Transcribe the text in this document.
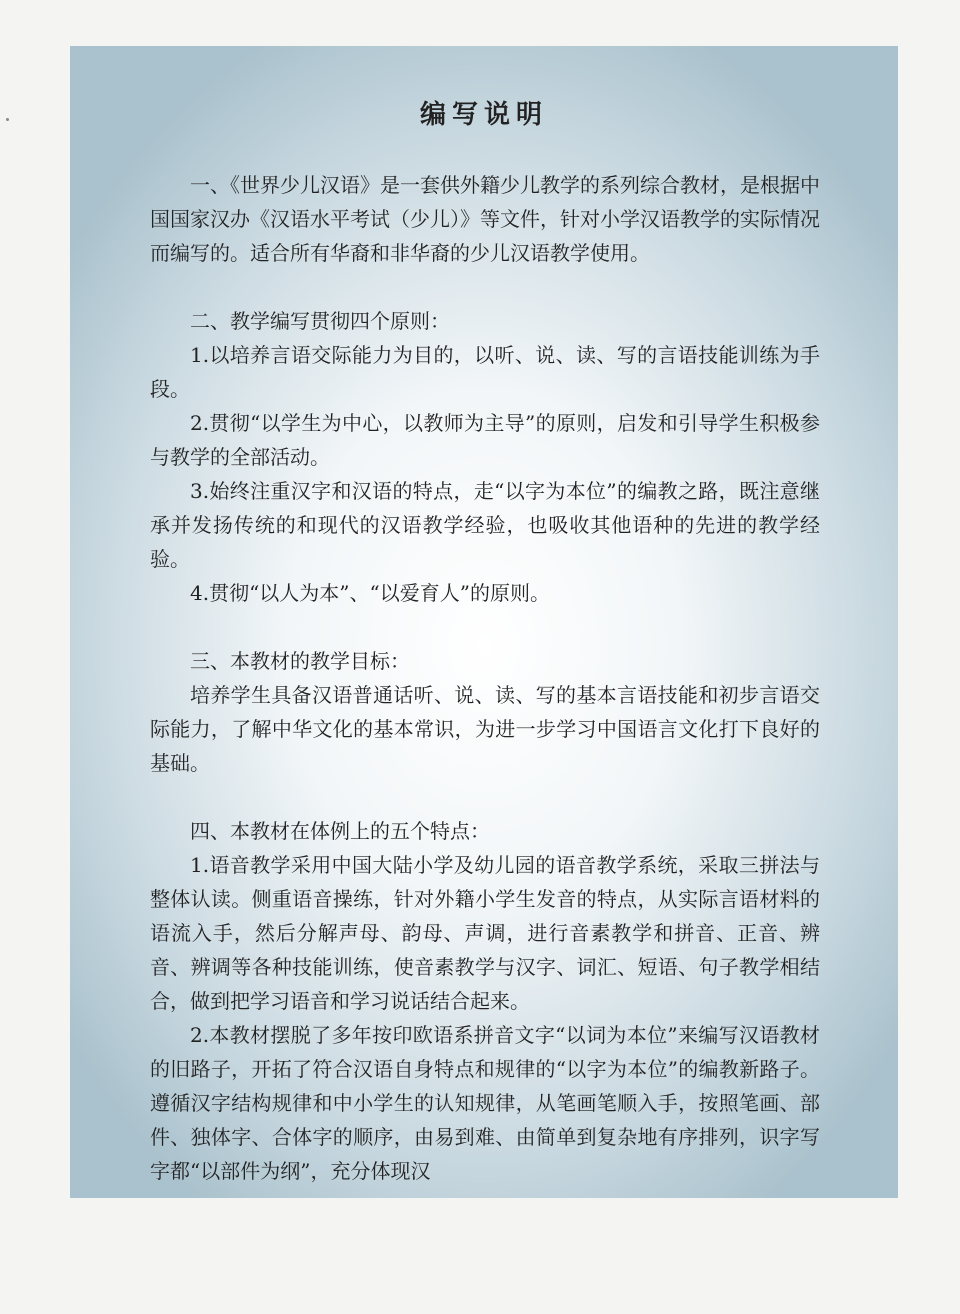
编写说明

一、《世界少儿汉语》是一套供外籍少儿教学的系列综合教材，是根据中国国家汉办《汉语水平考试（少儿）》等文件，针对小学汉语教学的实际情况而编写的。适合所有华裔和非华裔的少儿汉语教学使用。

二、教学编写贯彻四个原则：

1.以培养言语交际能力为目的，以听、说、读、写的言语技能训练为手段。

2.贯彻“以学生为中心，以教师为主导”的原则，启发和引导学生积极参与教学的全部活动。

3.始终注重汉字和汉语的特点，走“以字为本位”的编教之路，既注意继承并发扬传统的和现代的汉语教学经验，也吸收其他语种的先进的教学经验。

4.贯彻“以人为本”、“以爱育人”的原则。

三、本教材的教学目标：

培养学生具备汉语普通话听、说、读、写的基本言语技能和初步言语交际能力，了解中华文化的基本常识，为进一步学习中国语言文化打下良好的基础。

四、本教材在体例上的五个特点：

1.语音教学采用中国大陆小学及幼儿园的语音教学系统，采取三拼法与整体认读。侧重语音操练，针对外籍小学生发音的特点，从实际言语材料的语流入手，然后分解声母、韵母、声调，进行音素教学和拼音、正音、辨音、辨调等各种技能训练，使音素教学与汉字、词汇、短语、句子教学相结合，做到把学习语音和学习说话结合起来。

2.本教材摆脱了多年按印欧语系拼音文字“以词为本位”来编写汉语教材的旧路子，开拓了符合汉语自身特点和规律的“以字为本位”的编教新路子。遵循汉字结构规律和中小学生的认知规律，从笔画笔顺入手，按照笔画、部件、独体字、合体字的顺序，由易到难、由简单到复杂地有序排列，识字写字都“以部件为纲”，充分体现汉
